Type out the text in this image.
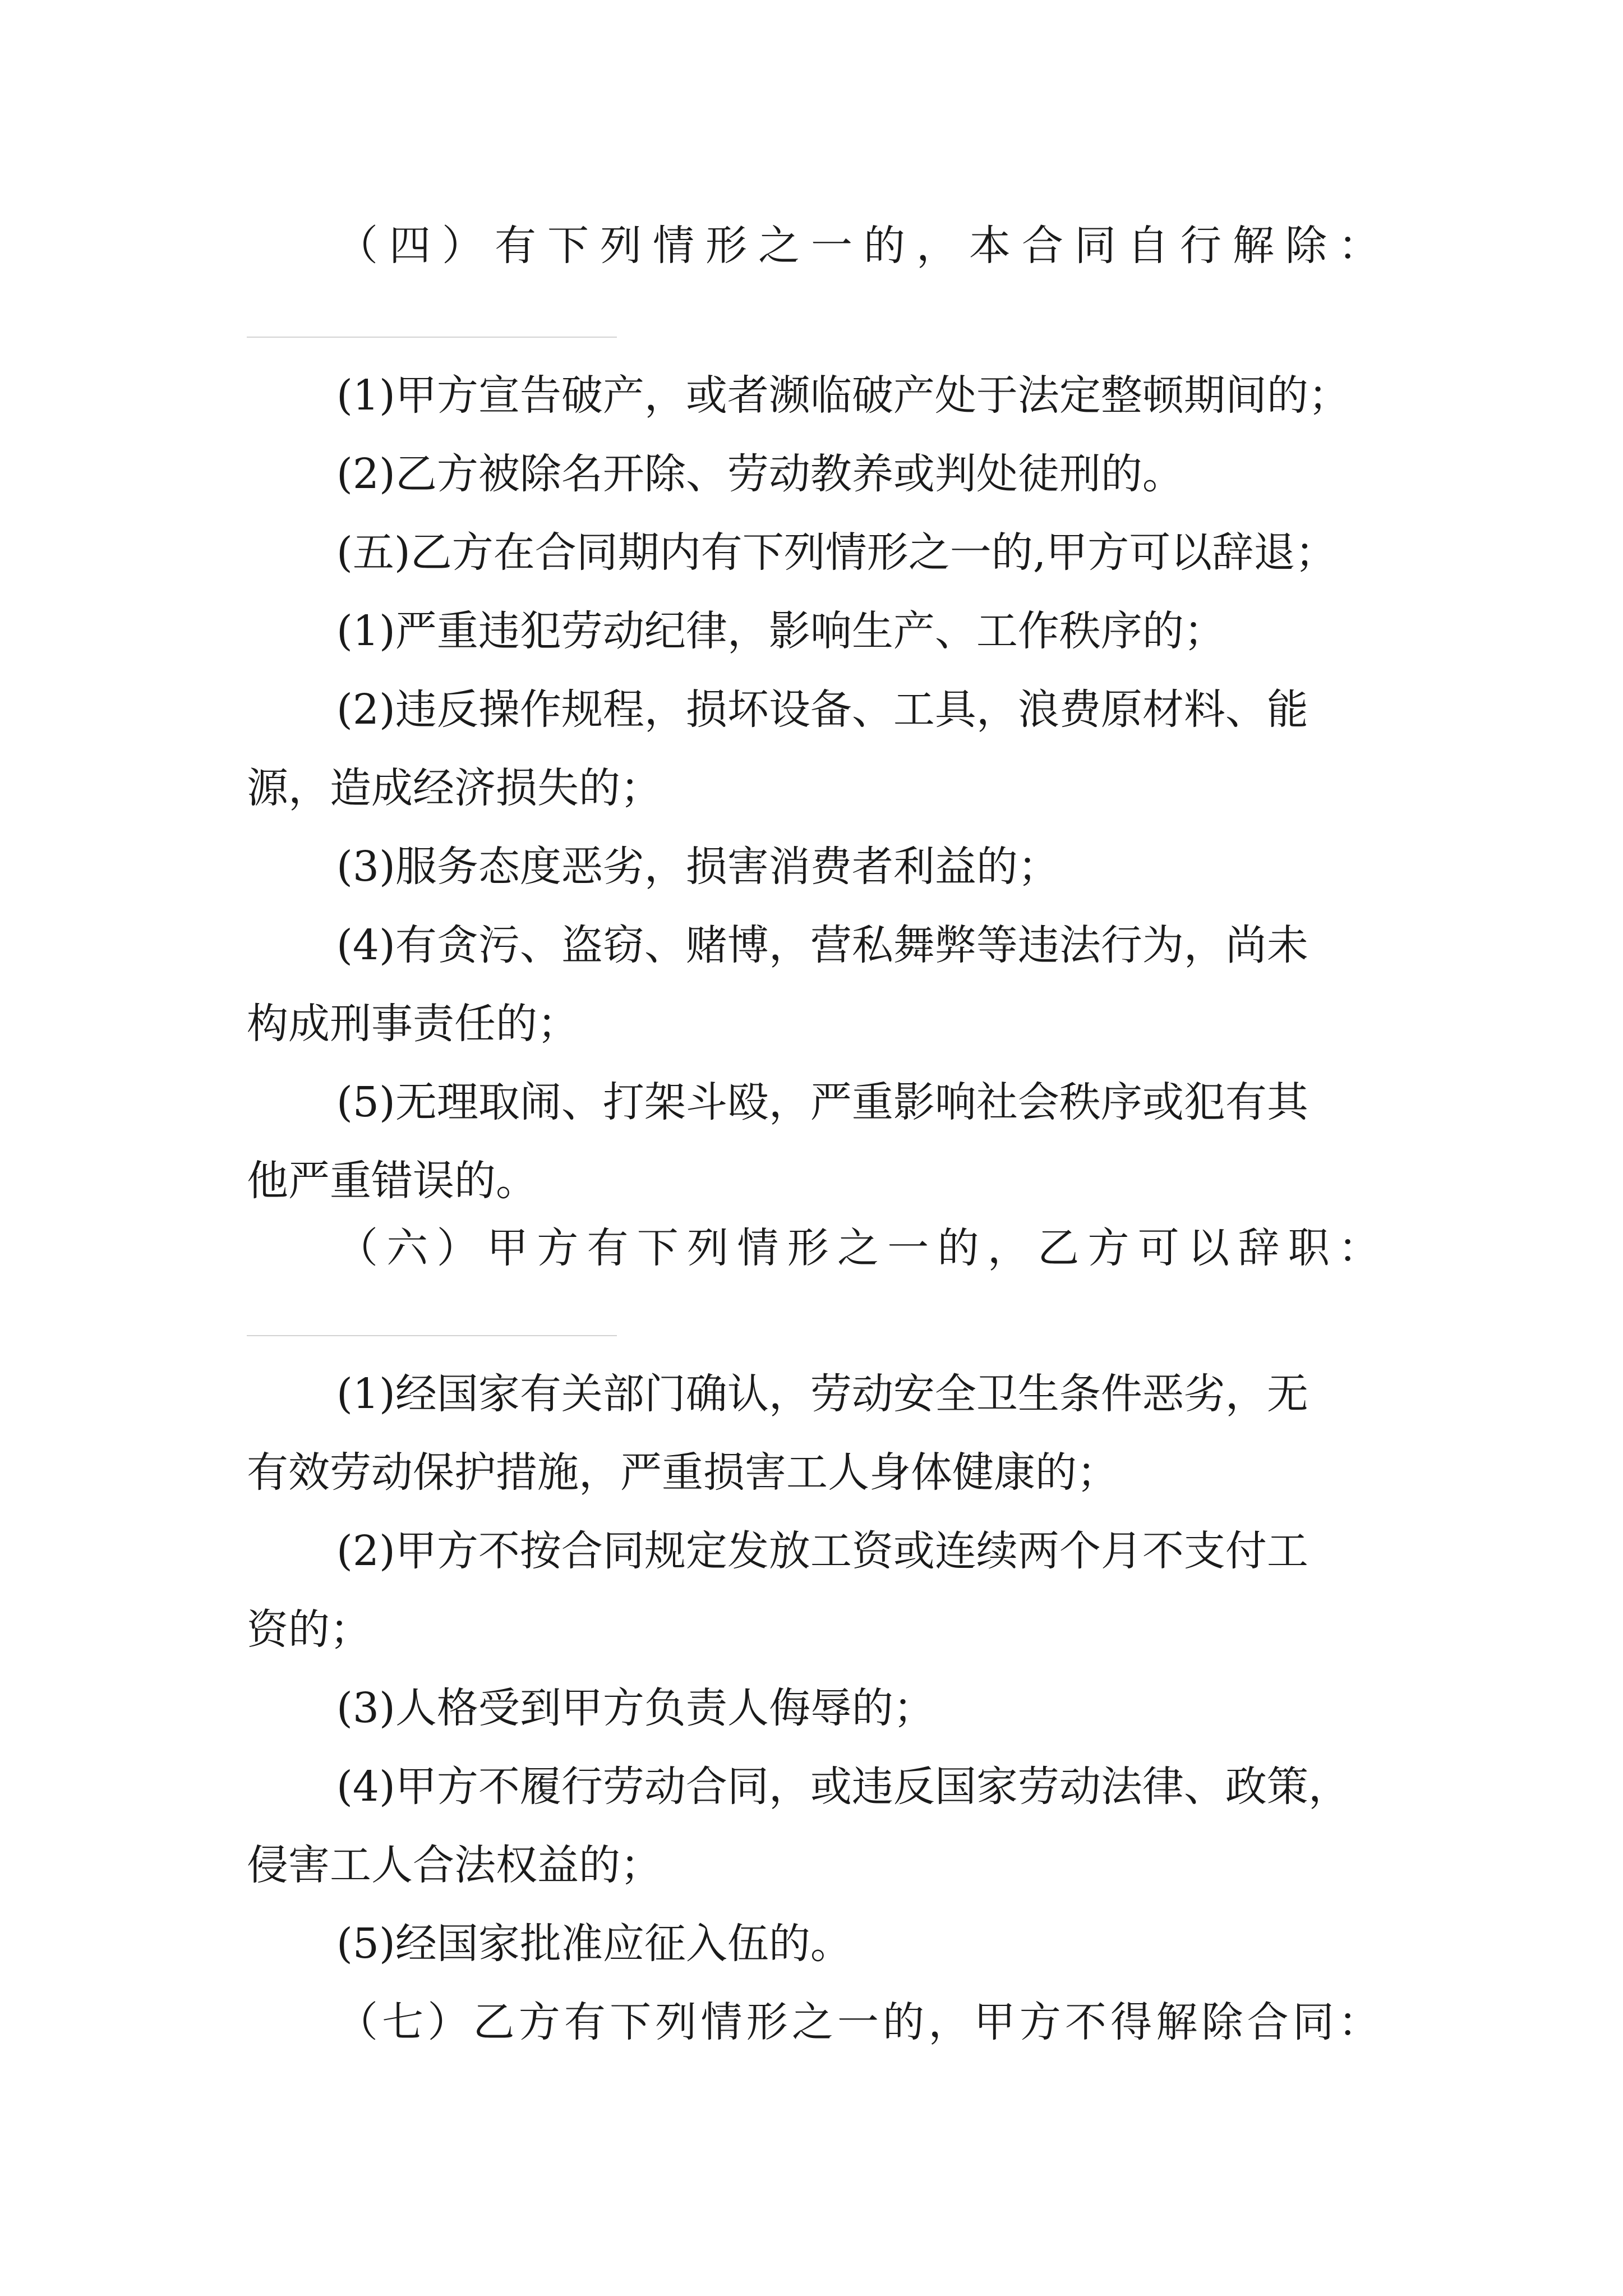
（四）有下列情形之一的，本合同自行解除：
(1)甲方宣告破产，或者濒临破产处于法定整顿期间的；
(2)乙方被除名开除、劳动教养或判处徒刑的。
(五)乙方在合同期内有下列情形之一的,甲方可以辞退；
(1)严重违犯劳动纪律，影响生产、工作秩序的；
(2)违反操作规程，损坏设备、工具，浪费原材料、能
源，造成经济损失的；
(3)服务态度恶劣，损害消费者利益的；
(4)有贪污、盗窃、赌博，营私舞弊等违法行为，尚未
构成刑事责任的；
(5)无理取闹、打架斗殴，严重影响社会秩序或犯有其
他严重错误的。
（六）甲方有下列情形之一的，乙方可以辞职：
(1)经国家有关部门确认，劳动安全卫生条件恶劣，无
有效劳动保护措施，严重损害工人身体健康的；
(2)甲方不按合同规定发放工资或连续两个月不支付工
资的；
(3)人格受到甲方负责人侮辱的；
(4)甲方不履行劳动合同，或违反国家劳动法律、政策，
侵害工人合法权益的；
(5)经国家批准应征入伍的。
（七）乙方有下列情形之一的，甲方不得解除合同：
